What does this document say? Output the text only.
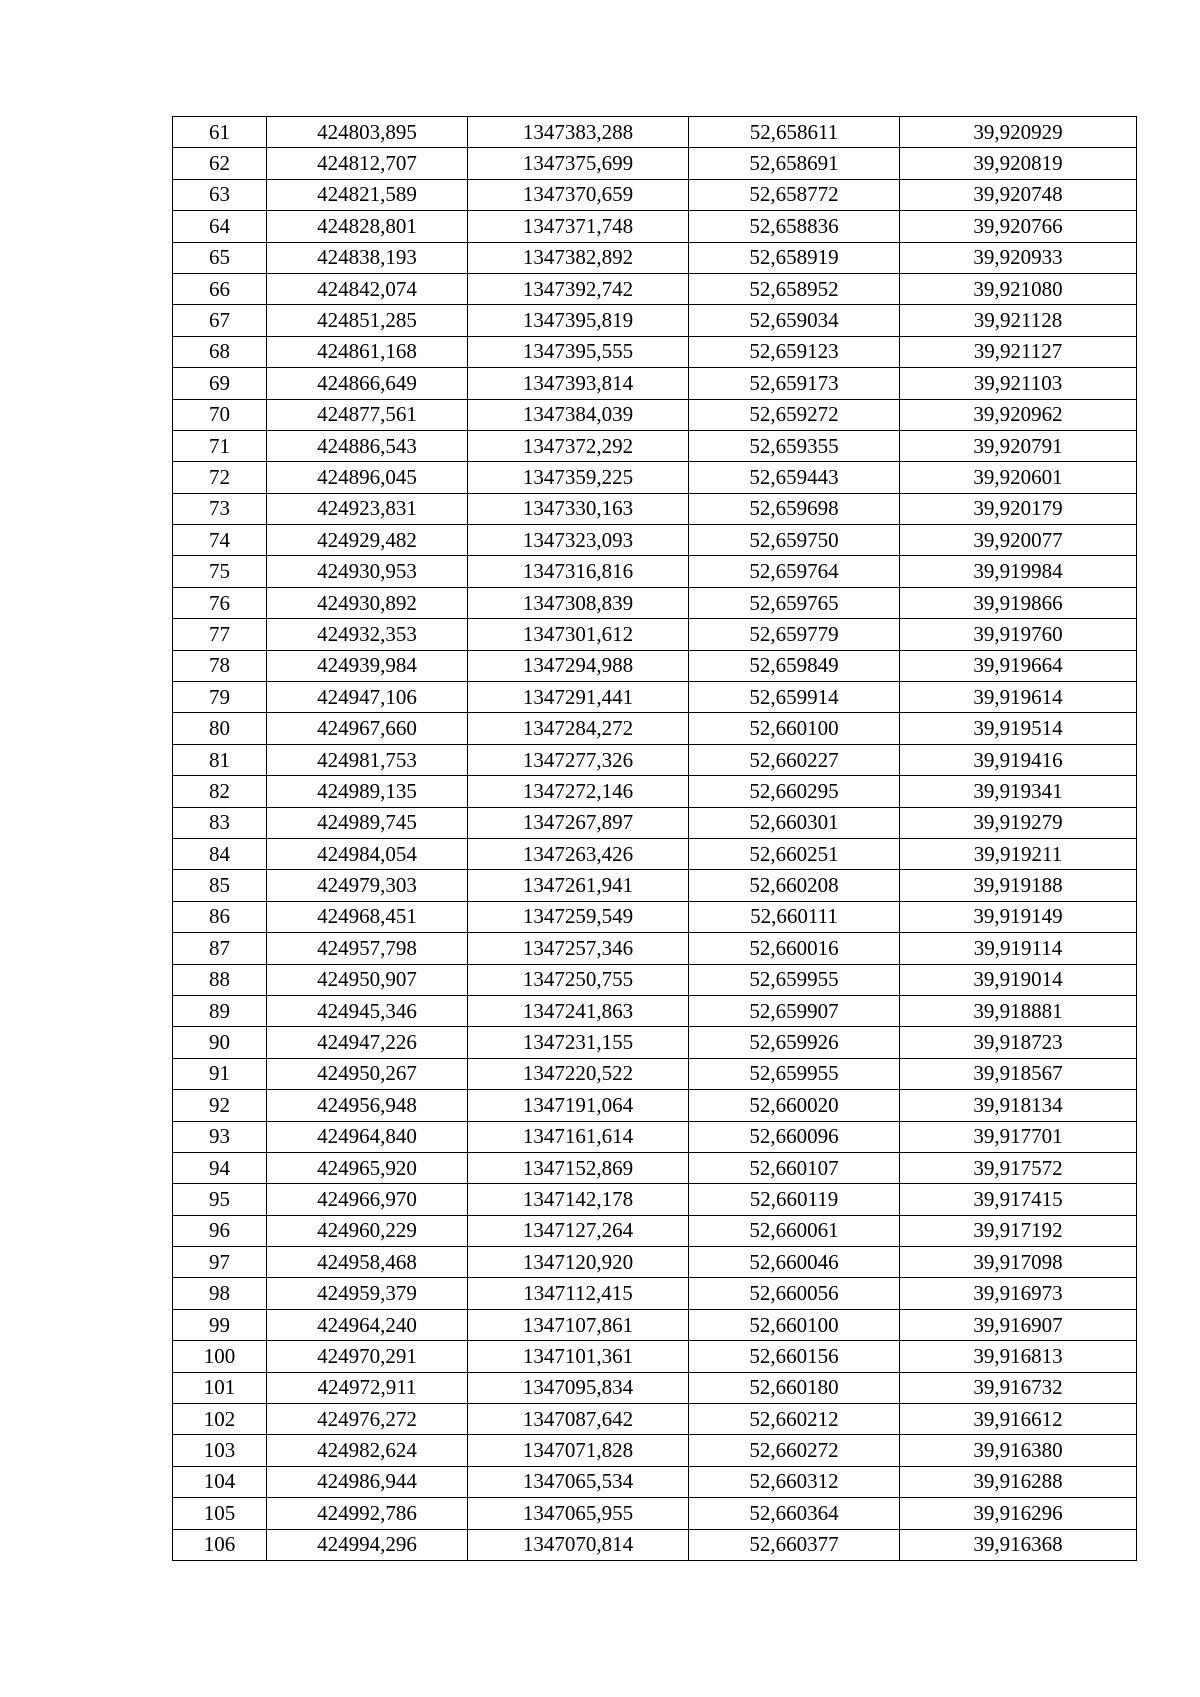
61	424803,895	1347383,288	52,658611	39,920929
62	424812,707	1347375,699	52,658691	39,920819
63	424821,589	1347370,659	52,658772	39,920748
64	424828,801	1347371,748	52,658836	39,920766
65	424838,193	1347382,892	52,658919	39,920933
66	424842,074	1347392,742	52,658952	39,921080
67	424851,285	1347395,819	52,659034	39,921128
68	424861,168	1347395,555	52,659123	39,921127
69	424866,649	1347393,814	52,659173	39,921103
70	424877,561	1347384,039	52,659272	39,920962
71	424886,543	1347372,292	52,659355	39,920791
72	424896,045	1347359,225	52,659443	39,920601
73	424923,831	1347330,163	52,659698	39,920179
74	424929,482	1347323,093	52,659750	39,920077
75	424930,953	1347316,816	52,659764	39,919984
76	424930,892	1347308,839	52,659765	39,919866
77	424932,353	1347301,612	52,659779	39,919760
78	424939,984	1347294,988	52,659849	39,919664
79	424947,106	1347291,441	52,659914	39,919614
80	424967,660	1347284,272	52,660100	39,919514
81	424981,753	1347277,326	52,660227	39,919416
82	424989,135	1347272,146	52,660295	39,919341
83	424989,745	1347267,897	52,660301	39,919279
84	424984,054	1347263,426	52,660251	39,919211
85	424979,303	1347261,941	52,660208	39,919188
86	424968,451	1347259,549	52,660111	39,919149
87	424957,798	1347257,346	52,660016	39,919114
88	424950,907	1347250,755	52,659955	39,919014
89	424945,346	1347241,863	52,659907	39,918881
90	424947,226	1347231,155	52,659926	39,918723
91	424950,267	1347220,522	52,659955	39,918567
92	424956,948	1347191,064	52,660020	39,918134
93	424964,840	1347161,614	52,660096	39,917701
94	424965,920	1347152,869	52,660107	39,917572
95	424966,970	1347142,178	52,660119	39,917415
96	424960,229	1347127,264	52,660061	39,917192
97	424958,468	1347120,920	52,660046	39,917098
98	424959,379	1347112,415	52,660056	39,916973
99	424964,240	1347107,861	52,660100	39,916907
100	424970,291	1347101,361	52,660156	39,916813
101	424972,911	1347095,834	52,660180	39,916732
102	424976,272	1347087,642	52,660212	39,916612
103	424982,624	1347071,828	52,660272	39,916380
104	424986,944	1347065,534	52,660312	39,916288
105	424992,786	1347065,955	52,660364	39,916296
106	424994,296	1347070,814	52,660377	39,916368
